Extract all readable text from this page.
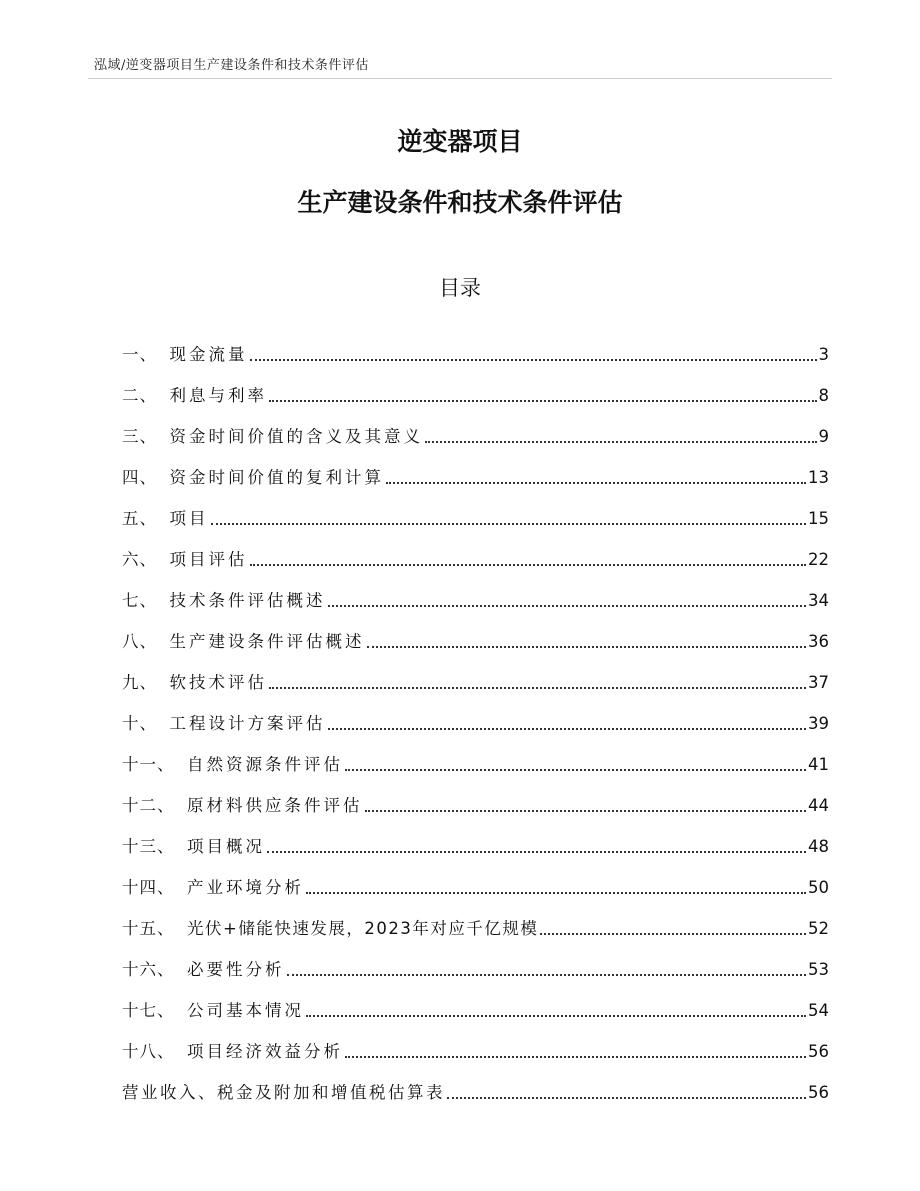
泓域/逆变器项目生产建设条件和技术条件评估
逆变器项目
生产建设条件和技术条件评估
目录
一、 现金流量	3
二、 利息与利率	8
三、 资金时间价值的含义及其意义	9
四、 资金时间价值的复利计算	13
五、 项目	15
六、 项目评估	22
七、 技术条件评估概述	34
八、 生产建设条件评估概述	36
九、 软技术评估	37
十、 工程设计方案评估	39
十一、 自然资源条件评估	41
十二、 原材料供应条件评估	44
十三、 项目概况	48
十四、 产业环境分析	50
十五、 光伏+储能快速发展，2023年对应千亿规模	52
十六、 必要性分析	53
十七、 公司基本情况	54
十八、 项目经济效益分析	56
营业收入、税金及附加和增值税估算表	56
